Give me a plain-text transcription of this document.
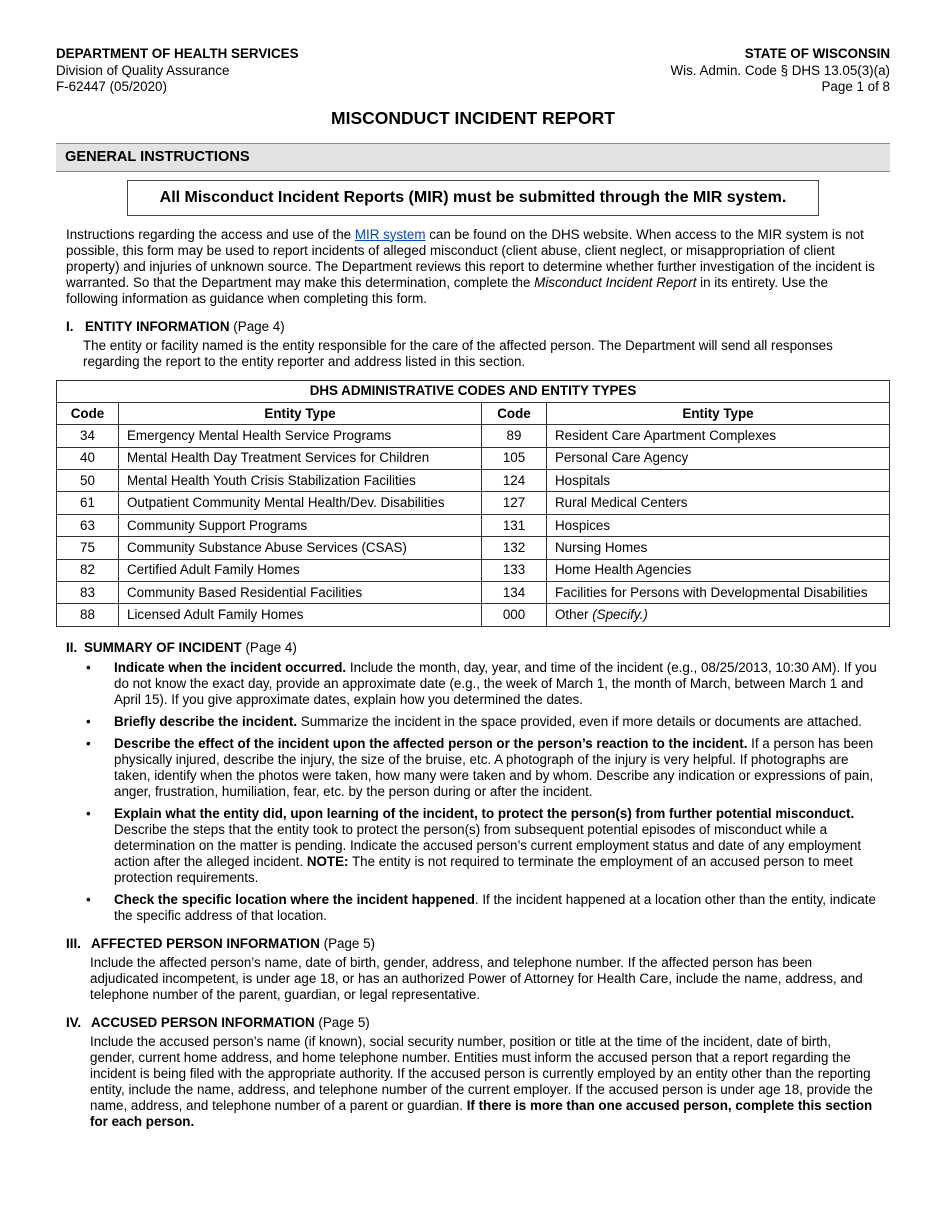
DEPARTMENT OF HEALTH SERVICES
Division of Quality Assurance
F-62447 (05/2020)
STATE OF WISCONSIN
Wis. Admin. Code § DHS 13.05(3)(a)
Page 1 of 8
MISCONDUCT INCIDENT REPORT
GENERAL INSTRUCTIONS
All Misconduct Incident Reports (MIR) must be submitted through the MIR system.
Instructions regarding the access and use of the MIR system can be found on the DHS website. When access to the MIR system is not possible, this form may be used to report incidents of alleged misconduct (client abuse, client neglect, or misappropriation of client property) and injuries of unknown source. The Department reviews this report to determine whether further investigation of the incident is warranted. So that the Department may make this determination, complete the Misconduct Incident Report in its entirety. Use the following information as guidance when completing this form.
I. ENTITY INFORMATION (Page 4)
The entity or facility named is the entity responsible for the care of the affected person. The Department will send all responses regarding the report to the entity reporter and address listed in this section.
DHS ADMINISTRATIVE CODES AND ENTITY TYPES			
Code	Entity Type	Code	Entity Type
34	Emergency Mental Health Service Programs	89	Resident Care Apartment Complexes
40	Mental Health Day Treatment Services for Children	105	Personal Care Agency
50	Mental Health Youth Crisis Stabilization Facilities	124	Hospitals
61	Outpatient Community Mental Health/Dev. Disabilities	127	Rural Medical Centers
63	Community Support Programs	131	Hospices
75	Community Substance Abuse Services (CSAS)	132	Nursing Homes
82	Certified Adult Family Homes	133	Home Health Agencies
83	Community Based Residential Facilities	134	Facilities for Persons with Developmental Disabilities
88	Licensed Adult Family Homes	000	Other (Specify.)
II. SUMMARY OF INCIDENT (Page 4)
• Indicate when the incident occurred. Include the month, day, year, and time of the incident (e.g., 08/25/2013, 10:30 AM). If you do not know the exact day, provide an approximate date (e.g., the week of March 1, the month of March, between March 1 and April 15). If you give approximate dates, explain how you determined the dates.
• Briefly describe the incident. Summarize the incident in the space provided, even if more details or documents are attached.
• Describe the effect of the incident upon the affected person or the person’s reaction to the incident. If a person has been physically injured, describe the injury, the size of the bruise, etc. A photograph of the injury is very helpful. If photographs are taken, identify when the photos were taken, how many were taken and by whom. Describe any indication or expressions of pain, anger, frustration, humiliation, fear, etc. by the person during or after the incident.
• Explain what the entity did, upon learning of the incident, to protect the person(s) from further potential misconduct. Describe the steps that the entity took to protect the person(s) from subsequent potential episodes of misconduct while a determination on the matter is pending. Indicate the accused person’s current employment status and date of any employment action after the alleged incident. NOTE: The entity is not required to terminate the employment of an accused person to meet protection requirements.
• Check the specific location where the incident happened. If the incident happened at a location other than the entity, indicate the specific address of that location.
III. AFFECTED PERSON INFORMATION (Page 5)
Include the affected person’s name, date of birth, gender, address, and telephone number. If the affected person has been adjudicated incompetent, is under age 18, or has an authorized Power of Attorney for Health Care, include the name, address, and telephone number of the parent, guardian, or legal representative.
IV. ACCUSED PERSON INFORMATION (Page 5)
Include the accused person’s name (if known), social security number, position or title at the time of the incident, date of birth, gender, current home address, and home telephone number. Entities must inform the accused person that a report regarding the incident is being filed with the appropriate authority. If the accused person is currently employed by an entity other than the reporting entity, include the name, address, and telephone number of the current employer. If the accused person is under age 18, provide the name, address, and telephone number of a parent or guardian. If there is more than one accused person, complete this section for each person.
